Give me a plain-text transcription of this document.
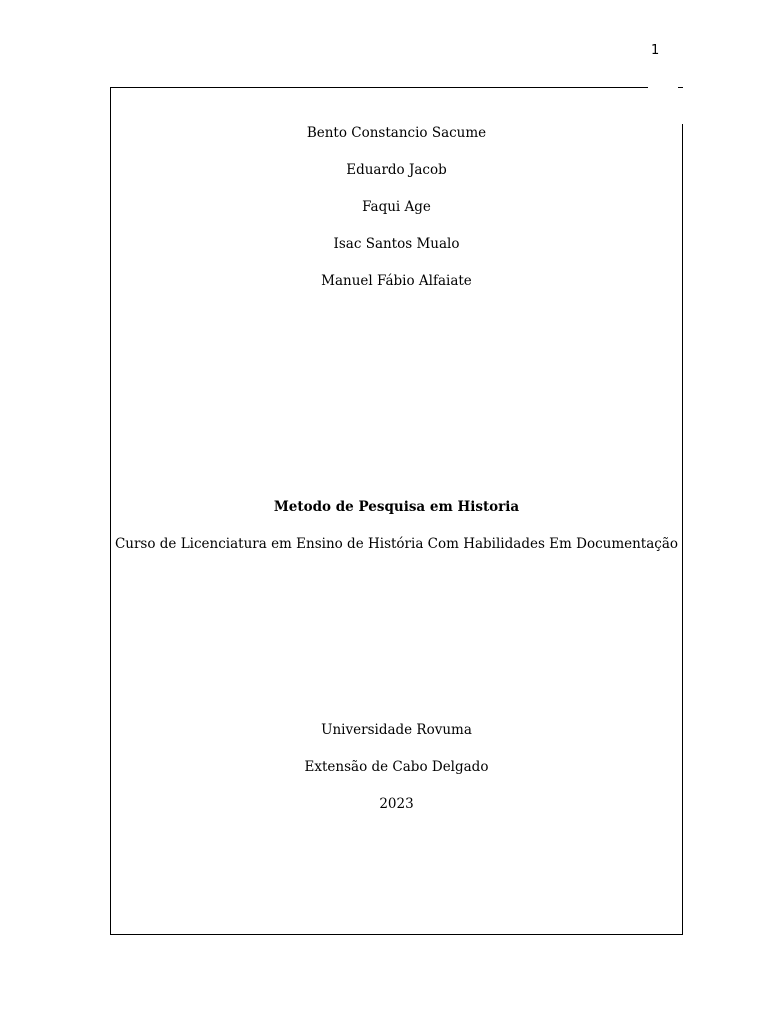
1
Bento Constancio Sacume
Eduardo Jacob
Faqui Age
Isac Santos Mualo
Manuel Fábio Alfaiate
Metodo de Pesquisa em Historia
Curso de Licenciatura em Ensino de História Com Habilidades Em Documentação
Universidade Rovuma
Extensão de Cabo Delgado
2023
